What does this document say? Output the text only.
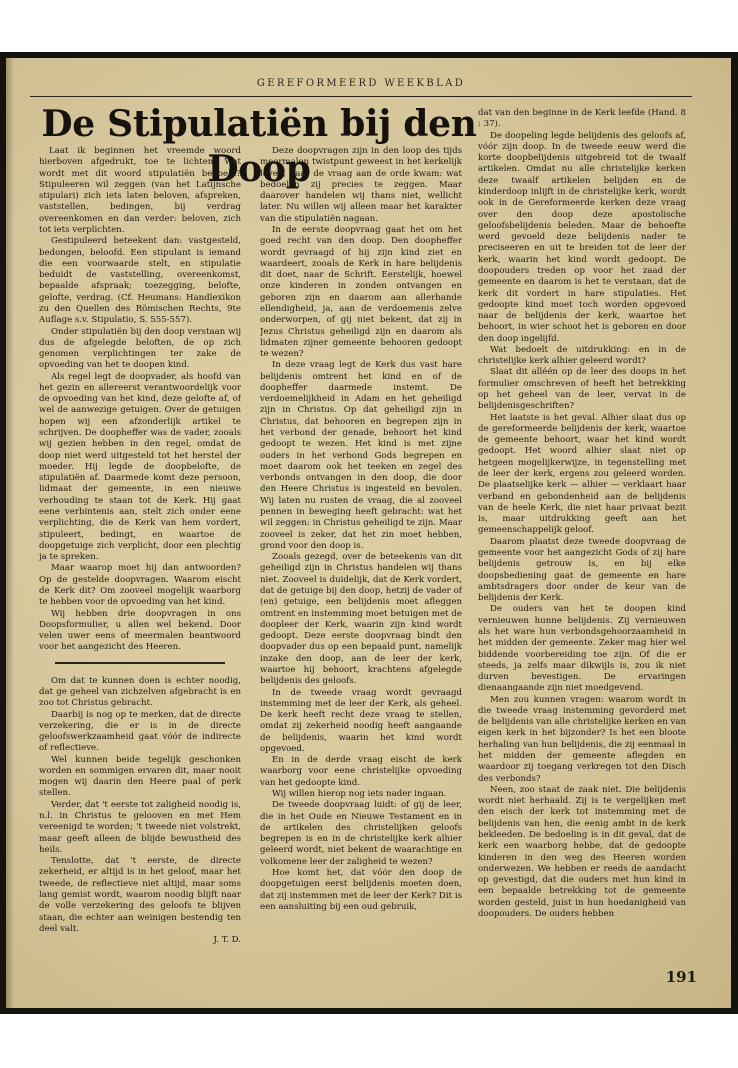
GEREFORMEERD WEEKBLAD
De Stipulatiën bij den Doop

Laat ik beginnen het vreemde woord hierboven afgedrukt, toe te lichten. Wat wordt met dit woord stipulatiën bedoeld? Stipuleeren wil zeggen (van het Latijnsche stipulari) zich iets laten beloven, afspreken, vaststellen, bedingen, bij verdrag overeenkomen en dan verder: beloven, zich tot iets verplichten.

Gestipuleerd beteekent dan: vastgesteld, bedongen, beloofd. Een stipulant is iemand die een voorwaarde stelt, en stipulatie beduidt de vaststelling, overeenkomst, bepaalde afspraak; toezegging, belofte, gelofte, verdrag. (Cf. Heumans: Handlexikon zu den Quellen des Römischen Rechts, 9te Auflage s.v. Stipulatio, S. 555-557).

Onder stipulatiën bij den doop verstaan wij dus de afgelegde beloften, de op zich genomen verplichtingen ter zake de opvoeding van het te doopen kind.

Als regel legt de doopvader, als hoofd van het gezin en allereerst verantwoordelijk voor de opvoeding van het kind, deze gelofte af, of wel de aanwezige getuigen. Over de getuigen hopen wij een afzonderlijk artikel te schrijven. De doopheffer was de vader, zooals wij gezien hebben in den regel, omdat de doop niet werd uitgesteld tot het herstel der moeder. Hij legde de doopbelofte, de stipulatiën af. Daarmede komt deze persoon, lidmaat der gemeente, in een nieuwe verhouding te staan tot de Kerk. Hij gaat eene verbintenis aan, stelt zich onder eene verplichting, die de Kerk van hem vordert, stipuleert, bedingt, en waartoe de doopgetuige zich verplicht, door een plechtig ja te spreken.

Maar waarop moet hij dan antwoorden? Op de gestelde doopvragen. Waarom eischt de Kerk dit? Om zooveel mogelijk waarborg te hebben voor de opvoeding van het kind.

Wij hebben drie doopvragen in ons Doopsformulier, u allen wel bekend. Door velen uwer eens of meermalen beantwoord voor het aangezicht des Heeren.

Om dat te kunnen doen is echter noodig, dat ge geheel van zichzelven afgebracht is en zoo tot Christus gebracht.

Daarbij is nog op te merken, dat de directe verzekering, die er is in de directe geloofswerkzaamheid gaat vóór de indirecte of reflectieve.

Wel kunnen beide tegelijk geschonken worden en sommigen ervaren dit, maar nooit mogen wij daarin den Heere paal of perk stellen.

Verder, dat 't eerste tot zaligheid noodig is, n.l. in Christus te gelooven en met Hem vereenigd te worden; 't tweede niet volstrekt, maar geeft alleen de blijde bewustheid des heils.

Tenslotte, dat 't eerste, de directe zekerheid, er altijd is in het geloof, maar het tweede, de reflectieve niet altijd, maar soms lang gemist wordt, waarom noodig blijft naar de volle verzekering des geloofs te blijven staan, die echter aan weinigen bestendig ten deel valt.

J. T. D.

Deze doopvragen zijn in den loop des tijds meermalen twistpunt geweest in het kerkelijk leven, daar de vraag aan de orde kwam: wat bedoelen zij precies te zeggen. Maar daarover handelen wij thans niet, wellicht later. Nu willen wij alleen maar het karakter van die stipulatiën nagaan.

In de eerste doopvraag gaat het om het goed recht van den doop. Den doopheffer wordt gevraagd of hij zijn kind ziet en waardeert, zooals de Kerk in hare belijdenis dit doet, naar de Schrift. Eerstelijk, hoewel onze kinderen in zonden ontvangen en geboren zijn en daarom aan allerhande ellendigheid, ja, aan de verdoemenis zelve onderworpen, of gij niet bekent, dat zij in Jezus Christus geheiligd zijn en daarom als lidmaten zijner gemeente behooren gedoopt te wezen?

In deze vraag legt de Kerk dus vast hare belijdenis omtrent het kind en of de doopheffer daarmede instemt. De verdoemelijkheid in Adam en het geheiligd zijn in Christus. Op dat geheiligd zijn in Christus, dat behooren en begrepen zijn in het verbond der genade, behoort het kind gedoopt te wezen. Het kind is met zijne ouders in het verbond Gods begrepen en moet daarom ook het teeken en zegel des verbonds ontvangen in den doop, die door den Heere Christus is ingesteld en bevolen. Wij laten nu rusten de vraag, die al zooveel pennen in beweging heeft gebracht: wat het wil zeggen: in Christus geheiligd te zijn. Maar zooveel is zeker, dat het zin moet hebben, grond voor den doop is.

Zooals gezegd, over de beteekenis van dit geheiligd zijn in Christus handelen wij thans niet. Zooveel is duidelijk, dat de Kerk vordert, dat de getuige bij den doop, hetzij de vader of (en) getuige, een belijdenis moet afleggen omtrent en instemming moet betuigen met de doopleer der Kerk, waarin zijn kind wordt gedoopt. Deze eerste doopvraag bindt den doopvader dus op een bepaald punt, namelijk inzake den doop, aan de leer der kerk, waartoe hij behoort, krachtens afgelegde belijdenis des geloofs.

In de tweede vraag wordt gevraagd instemming met de leer der Kerk, als geheel. De kerk heeft recht deze vraag te stellen, omdat zij zekerheid noodig heeft aangaande de belijdenis, waarin het kind wordt opgevoed.

En in de derde vraag eischt de kerk waarborg voor eene christelijke opvoeding van het gedoopte kind.

Wij willen hierop nog iets nader ingaan.

De tweede doopvraag luidt: of gij de leer, die in het Oude en Nieuwe Testament en in de artikelen des christelijken geloofs begrepen is en in de christelijke kerk alhier geleerd wordt, niet bekent de waarachtige en volkomene leer der zaligheid te wezen?

Hoe komt het, dat vóór den doop de doopgetuigen eerst belijdenis moeten doen, dat zij instemmen met de leer der Kerk? Dit is een aansluiting bij een oud gebruik,

dat van den beginne in de Kerk leefde (Hand. 8 : 37).

De doopeling legde belijdenis des geloofs af, vóór zijn doop. In de tweede eeuw werd die korte doopbelijdenis uitgebreid tot de twaalf artikelen. Omdat nu alle christelijke kerken deze twaalf artikelen belijden en de kinderdoop inlijft in de christelijke kerk, wordt ook in de Gereformeerde kerken deze vraag over den doop deze apostolische geloofsbelijdenis beleden. Maar de behoefte werd gevoeld deze belijdenis nader te preciseeren en uit te breiden tot de leer der kerk, waarin het kind wordt gedoopt. De doopouders treden op voor het zaad der gemeente en daarom is het te verstaan, dat de kerk dit vordert in hare stipulaties. Het gedoopte kind moet toch worden opgevoed naar de belijdenis der kerk, waartoe het behoort, in wier schoot het is geboren en door den doop ingelijfd.

Wat bedoelt de uitdrukking: en in de christelijke kerk alhier geleerd wordt?

Slaat dit alléén op de leer des doops in het formulier omschreven of heeft het betrekking op het geheel van de leer, vervat in de belijdenisgeschriften?

Het laatste is het geval. Alhier slaat dus op de gereformeerde belijdenis der kerk, waartoe de gemeente behoort, waar het kind wordt gedoopt. Het woord alhier slaat niet op hetgeen mogelijkerwijze, in tegenstelling met de leer der kerk, ergens zou geleerd worden. De plaatselijke kerk — alhier — verklaart haar verband en gebondenheid aan de belijdenis van de heele Kerk, die niet haar privaat bezit is, maar uitdrukking geeft aan het gemeenschappelijk geloof.

Daarom plaatst deze tweede doopvraag de gemeente voor het aangezicht Gods of zij hare belijdenis getrouw is, en bij elke doopsbediening gaat de gemeente en hare ambtsdragers door onder de keur van de belijdenis der Kerk.

De ouders van het te doopen kind vernieuwen hunne belijdenis. Zij vernieuwen als het ware hun verbondsgehoorzaamheid in het midden der gemeente. Zeker mag hier wel biddende voorbereiding toe zijn. Of die er steeds, ja zelfs maar dikwijls is, zou ik niet durven bevestigen. De ervaringen dienaangaande zijn niet moedgevend.

Men zou kunnen vragen: waarom wordt in die tweede vraag instemming gevorderd met de belijdenis van alle christelijke kerken en van eigen kerk in het bijzonder? Is het een bloote herhaling van hun belijdenis, die zij eenmaal in het midden der gemeente aflegden en waardoor zij toegang verkregen tot den Disch des verbonds?

Neen, zoo staat de zaak niet. Die belijdenis wordt niet herhaald. Zij is te vergelijken met den eisch der kerk tot instemming met de belijdenis van hen, die eenig ambt in de kerk bekleeden. De bedoeling is in dit geval, dat de kerk een waarborg hebbe, dat de gedoopte kinderen in den weg des Heeren worden onderwezen. We hebben er reeds de aandacht op gevestigd, dat die ouders met hun kind in een bepaalde betrekking tot de gemeente worden gesteld, juist in hun hoedanigheid van doopouders. De ouders hebben

191
